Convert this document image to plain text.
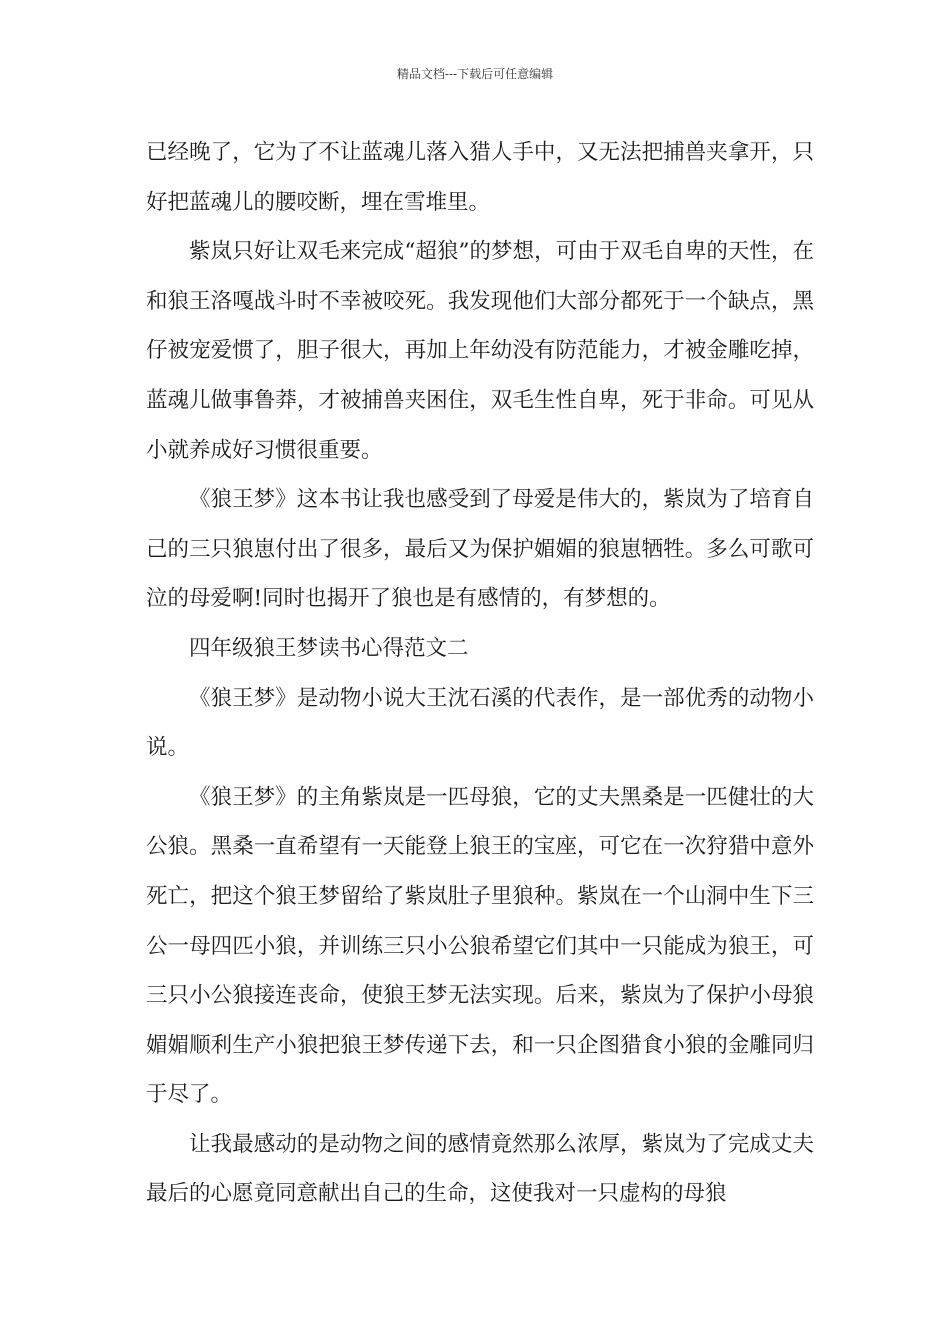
精品文档---下载后可任意编辑

已经晚了，它为了不让蓝魂儿落入猎人手中，又无法把捕兽夹拿开，只好把蓝魂儿的腰咬断，埋在雪堆里。

紫岚只好让双毛来完成“超狼”的梦想，可由于双毛自卑的天性，在和狼王洛嘎战斗时不幸被咬死。我发现他们大部分都死于一个缺点，黑仔被宠爱惯了，胆子很大，再加上年幼没有防范能力，才被金雕吃掉，蓝魂儿做事鲁莽，才被捕兽夹困住，双毛生性自卑，死于非命。可见从小就养成好习惯很重要。

《狼王梦》这本书让我也感受到了母爱是伟大的，紫岚为了培育自己的三只狼崽付出了很多，最后又为保护媚媚的狼崽牺牲。多么可歌可泣的母爱啊!同时也揭开了狼也是有感情的，有梦想的。

四年级狼王梦读书心得范文二

《狼王梦》是动物小说大王沈石溪的代表作，是一部优秀的动物小说。

《狼王梦》的主角紫岚是一匹母狼，它的丈夫黑桑是一匹健壮的大公狼。黑桑一直希望有一天能登上狼王的宝座，可它在一次狩猎中意外死亡，把这个狼王梦留给了紫岚肚子里狼种。紫岚在一个山洞中生下三公一母四匹小狼，并训练三只小公狼希望它们其中一只能成为狼王，可三只小公狼接连丧命，使狼王梦无法实现。后来，紫岚为了保护小母狼媚媚顺利生产小狼把狼王梦传递下去，和一只企图猎食小狼的金雕同归于尽了。

让我最感动的是动物之间的感情竟然那么浓厚，紫岚为了完成丈夫最后的心愿竟同意献出自己的生命，这使我对一只虚构的母狼
